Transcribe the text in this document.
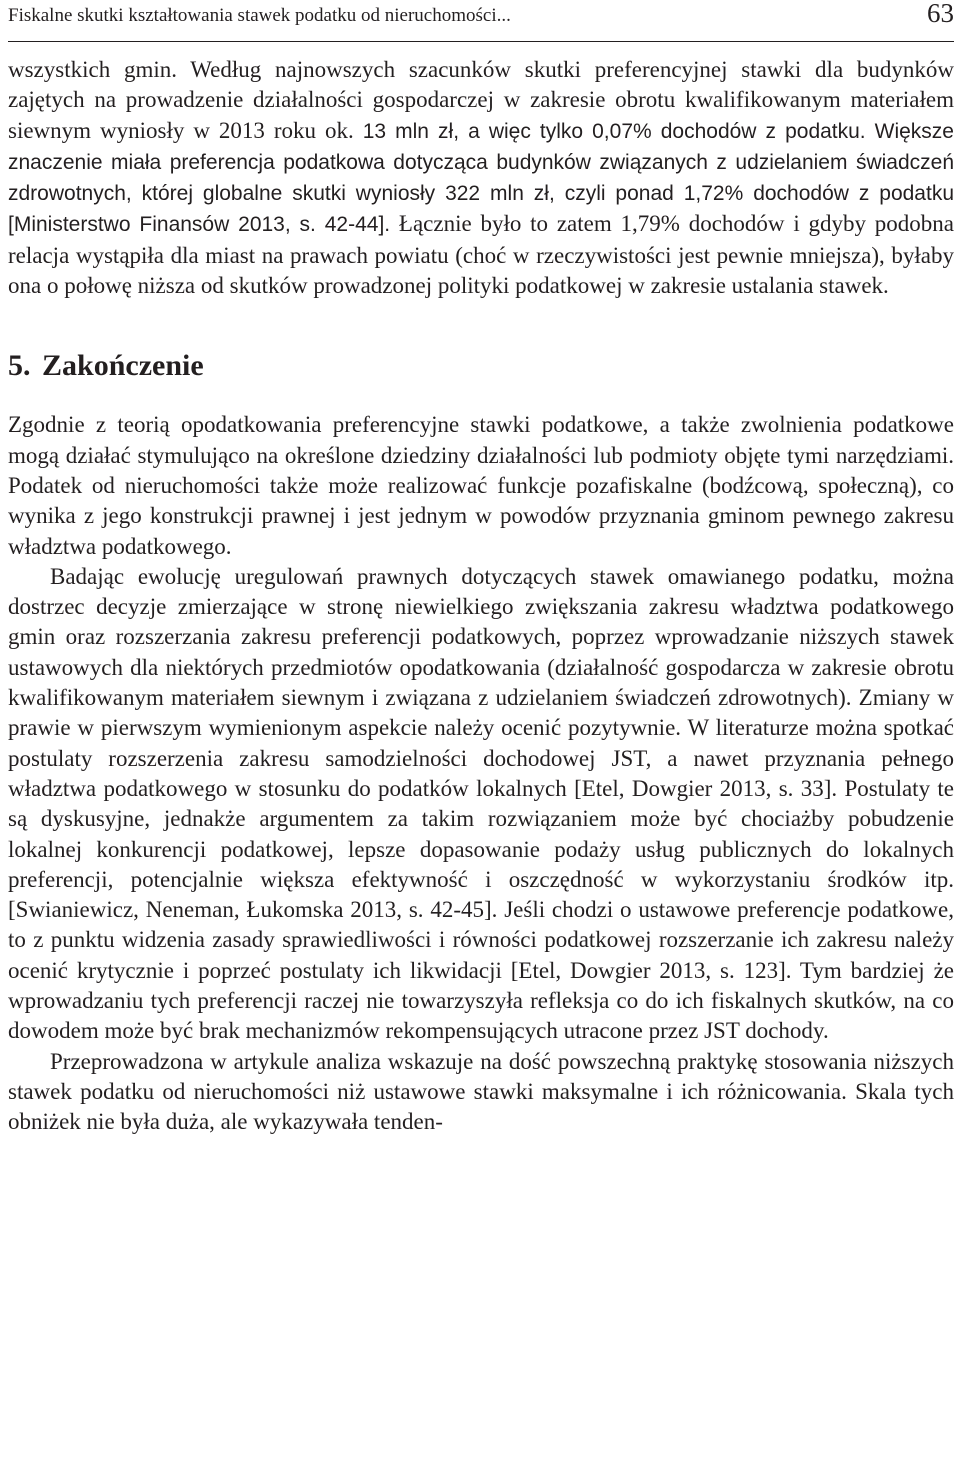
Fiskalne skutki kształtowania stawek podatku od nieruchomości...	63

wszystkich gmin. Według najnowszych szacunków skutki preferencyjnej stawki dla budynków zajętych na prowadzenie działalności gospodarczej w zakresie obrotu kwalifikowanym materiałem siewnym wyniosły w 2013 roku ok. 13 mln zł, a więc tylko 0,07% dochodów z podatku. Większe znaczenie miała preferencja podatkowa dotycząca budynków związanych z udzielaniem świadczeń zdrowotnych, której globalne skutki wyniosły 322 mln zł, czyli ponad 1,72% dochodów z podatku [Ministerstwo Finansów 2013, s. 42-44]. Łącznie było to zatem 1,79% dochodów i gdyby podobna relacja wystąpiła dla miast na prawach powiatu (choć w rzeczywistości jest pewnie mniejsza), byłaby ona o połowę niższa od skutków prowadzonej polityki podatkowej w zakresie ustalania stawek.

5. Zakończenie

Zgodnie z teorią opodatkowania preferencyjne stawki podatkowe, a także zwolnienia podatkowe mogą działać stymulująco na określone dziedziny działalności lub podmioty objęte tymi narzędziami. Podatek od nieruchomości także może realizować funkcje pozafiskalne (bodźcową, społeczną), co wynika z jego konstrukcji prawnej i jest jednym w powodów przyznania gminom pewnego zakresu władztwa podatkowego.

Badając ewolucję uregulowań prawnych dotyczących stawek omawianego podatku, można dostrzec decyzje zmierzające w stronę niewielkiego zwiększania zakresu władztwa podatkowego gmin oraz rozszerzania zakresu preferencji podatkowych, poprzez wprowadzanie niższych stawek ustawowych dla niektórych przedmiotów opodatkowania (działalność gospodarcza w zakresie obrotu kwalifikowanym materiałem siewnym i związana z udzielaniem świadczeń zdrowotnych). Zmiany w prawie w pierwszym wymienionym aspekcie należy ocenić pozytywnie. W literaturze można spotkać postulaty rozszerzenia zakresu samodzielności dochodowej JST, a nawet przyznania pełnego władztwa podatkowego w stosunku do podatków lokalnych [Etel, Dowgier 2013, s. 33]. Postulaty te są dyskusyjne, jednakże argumentem za takim rozwiązaniem może być chociażby pobudzenie lokalnej konkurencji podatkowej, lepsze dopasowanie podaży usług publicznych do lokalnych preferencji, potencjalnie większa efektywność i oszczędność w wykorzystaniu środków itp. [Swianiewicz, Neneman, Łukomska 2013, s. 42-45]. Jeśli chodzi o ustawowe preferencje podatkowe, to z punktu widzenia zasady sprawiedliwości i równości podatkowej rozszerzanie ich zakresu należy ocenić krytycznie i poprzeć postulaty ich likwidacji [Etel, Dowgier 2013, s. 123]. Tym bardziej że wprowadzaniu tych preferencji raczej nie towarzyszyła refleksja co do ich fiskalnych skutków, na co dowodem może być brak mechanizmów rekompensujących utracone przez JST dochody.

Przeprowadzona w artykule analiza wskazuje na dość powszechną praktykę stosowania niższych stawek podatku od nieruchomości niż ustawowe stawki maksymalne i ich różnicowania. Skala tych obniżek nie była duża, ale wykazywała tenden-
